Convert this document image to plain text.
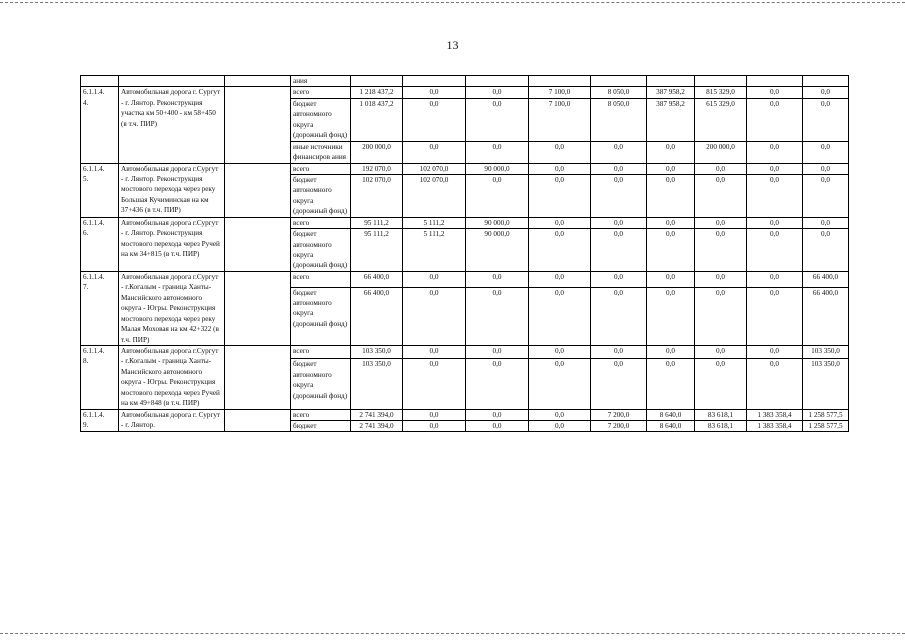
13
			ания									
6.1.1.4.
4.	Автомобильная дорога г. Сургут - г. Лянтор. Реконструкция участка км 50+400 - км 58+450 (в т.ч. ПИР)		всего	1 218 437,2	0,0	0,0	7 100,0	8 050,0	387 958,2	815 329,0	0,0	0,0
			бюджет автономного округа (дорожный фонд)	1 018 437,2	0,0	0,0	7 100,0	8 050,0	387 958,2	615 329,0	0,0	0,0
			иные источники финансиров ания	200 000,0	0,0	0,0	0,0	0,0	0,0	200 000,0	0,0	0,0
6.1.1.4.
5.	Автомобильная дорога г.Сургут - г. Лянтор. Реконструкция мостового перехода через реку Большая Кучиминская на км 37+436 (в т.ч. ПИР)		всего	192 070,0	102 070,0	90 000,0	0,0	0,0	0,0	0,0	0,0	0,0
			бюджет автономного округа (дорожный фонд)	102 070,0	102 070,0	0,0	0,0	0,0	0,0	0,0	0,0	0,0
6.1.1.4.
6.	Автомобильная дорога г.Сургут - г. Лянтор. Реконструкция мостового перехода через Ручей на км 34+815 (в т.ч. ПИР)		всего	95 111,2	5 111,2	90 000,0	0,0	0,0	0,0	0,0	0,0	0,0
			бюджет автономного округа (дорожный фонд)	95 111,2	5 111,2	90 000,0	0,0	0,0	0,0	0,0	0,0	0,0
6.1.1.4.
7.	Автомобильная дорога г.Сургут - г.Когалым - граница Ханты-Мансийского автономного округа - Югры. Реконструкция мостового перехода через реку Малая Моховая на км 42+322 (в т.ч. ПИР)		всего	66 400,0	0,0	0,0	0,0	0,0	0,0	0,0	0,0	66 400,0
			бюджет автономного округа (дорожный фонд)	66 400,0	0,0	0,0	0,0	0,0	0,0	0,0	0,0	66 400,0
6.1.1.4.
8.	Автомобильная дорога г.Сургут - г.Когалым - граница Ханты-Мансийского автономного округа - Югры. Реконструкция мостового перехода через Ручей на км 49+848 (в т.ч. ПИР)		всего	103 350,0	0,0	0,0	0,0	0,0	0,0	0,0	0,0	103 350,0
			бюджет автономного округа (дорожный фонд)	103 350,0	0,0	0,0	0,0	0,0	0,0	0,0	0,0	103 350,0
6.1.1.4.
9.	Автомобильная дорога г. Сургут - г. Лянтор.		всего	2 741 394,0	0,0	0,0	0,0	7 200,0	8 640,0	83 618,1	1 383 358,4	1 258 577,5
			бюджет	2 741 394,0	0,0	0,0	0,0	7 200,0	8 640,0	83 618,1	1 383 358,4	1 258 577,5
